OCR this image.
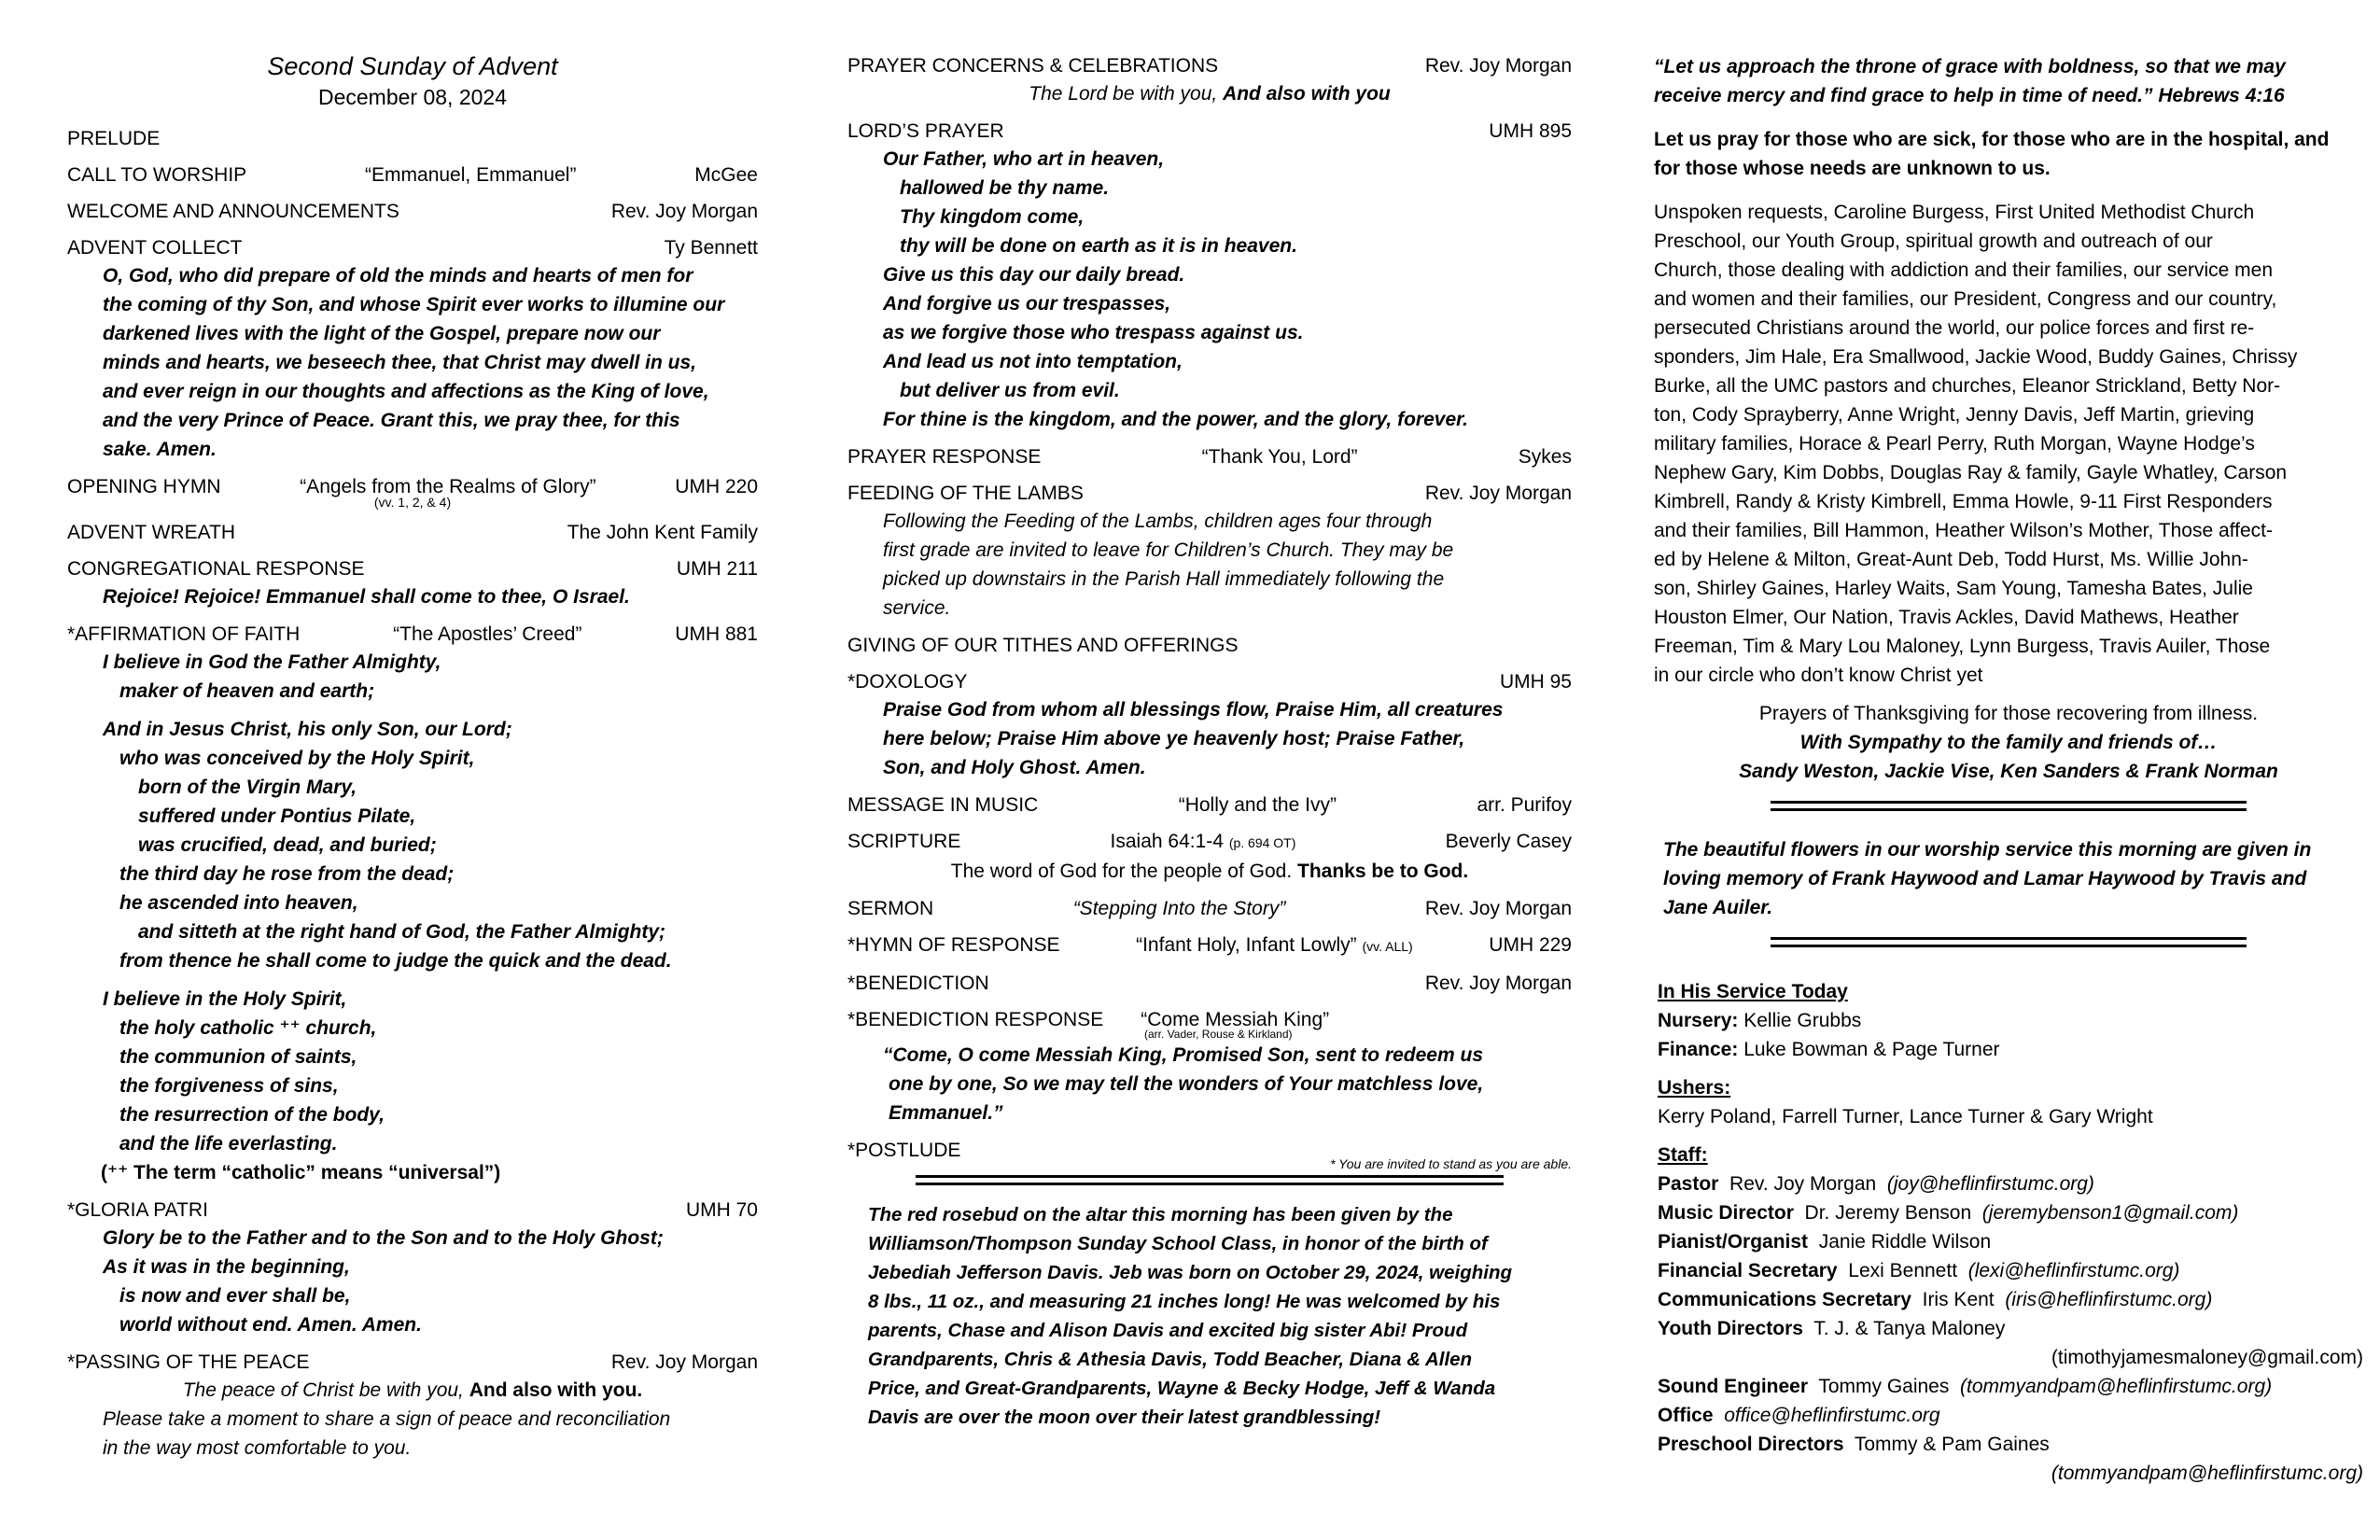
Second Sunday of Advent
December 08, 2024
PRELUDE
CALL TO WORSHIP	“Emmanuel, Emmanuel”	McGee
WELCOME AND ANNOUNCEMENTS	Rev. Joy Morgan
ADVENT COLLECT	Ty Bennett
O, God, who did prepare of old the minds and hearts of men for
the coming of thy Son, and whose Spirit ever works to illumine our
darkened lives with the light of the Gospel, prepare now our
minds and hearts, we beseech thee, that Christ may dwell in us,
and ever reign in our thoughts and affections as the King of love,
and the very Prince of Peace. Grant this, we pray thee, for this
sake. Amen.
OPENING HYMN	“Angels from the Realms of Glory”	UMH 220
(vv. 1, 2, & 4)
ADVENT WREATH	The John Kent Family
CONGREGATIONAL RESPONSE	UMH 211
Rejoice! Rejoice! Emmanuel shall come to thee, O Israel.
*AFFIRMATION OF FAITH	“The Apostles’ Creed”	UMH 881
I believe in God the Father Almighty,
maker of heaven and earth;
And in Jesus Christ, his only Son, our Lord;
who was conceived by the Holy Spirit,
born of the Virgin Mary,
suffered under Pontius Pilate,
was crucified, dead, and buried;
the third day he rose from the dead;
he ascended into heaven,
and sitteth at the right hand of God, the Father Almighty;
from thence he shall come to judge the quick and the dead.
I believe in the Holy Spirit,
the holy catholic ⁺⁺ church,
the communion of saints,
the forgiveness of sins,
the resurrection of the body,
and the life everlasting.
(⁺⁺ The term “catholic” means “universal”)
*GLORIA PATRI	UMH 70
Glory be to the Father and to the Son and to the Holy Ghost;
As it was in the beginning,
is now and ever shall be,
world without end. Amen. Amen.
*PASSING OF THE PEACE	Rev. Joy Morgan
The peace of Christ be with you, And also with you.
Please take a moment to share a sign of peace and reconciliation
in the way most comfortable to you.
PRAYER CONCERNS & CELEBRATIONS	Rev. Joy Morgan
The Lord be with you, And also with you
LORD’S PRAYER	UMH 895
Our Father, who art in heaven,
hallowed be thy name.
Thy kingdom come,
thy will be done on earth as it is in heaven.
Give us this day our daily bread.
And forgive us our trespasses,
as we forgive those who trespass against us.
And lead us not into temptation,
but deliver us from evil.
For thine is the kingdom, and the power, and the glory, forever.
PRAYER RESPONSE	“Thank You, Lord”	Sykes
FEEDING OF THE LAMBS	Rev. Joy Morgan
Following the Feeding of the Lambs, children ages four through
first grade are invited to leave for Children’s Church. They may be
picked up downstairs in the Parish Hall immediately following the
service.
GIVING OF OUR TITHES AND OFFERINGS
*DOXOLOGY	UMH 95
Praise God from whom all blessings flow, Praise Him, all creatures
here below; Praise Him above ye heavenly host; Praise Father,
Son, and Holy Ghost. Amen.
MESSAGE IN MUSIC	“Holly and the Ivy”	arr. Purifoy
SCRIPTURE	Isaiah 64:1-4 (p. 694 OT)	Beverly Casey
The word of God for the people of God. Thanks be to God.
SERMON	“Stepping Into the Story”	Rev. Joy Morgan
*HYMN OF RESPONSE	“Infant Holy, Infant Lowly” (vv. ALL)	UMH 229
*BENEDICTION	Rev. Joy Morgan
*BENEDICTION RESPONSE “Come Messiah King”
(arr. Vader, Rouse & Kirkland)
“Come, O come Messiah King, Promised Son, sent to redeem us
one by one, So we may tell the wonders of Your matchless love,
Emmanuel.”
*POSTLUDE
* You are invited to stand as you are able.
The red rosebud on the altar this morning has been given by the
Williamson/Thompson Sunday School Class, in honor of the birth of
Jebediah Jefferson Davis. Jeb was born on October 29, 2024, weighing
8 lbs., 11 oz., and measuring 21 inches long! He was welcomed by his
parents, Chase and Alison Davis and excited big sister Abi! Proud
Grandparents, Chris & Athesia Davis, Todd Beacher, Diana & Allen
Price, and Great-Grandparents, Wayne & Becky Hodge, Jeff & Wanda
Davis are over the moon over their latest grandblessing!
“Let us approach the throne of grace with boldness, so that we may
receive mercy and find grace to help in time of need.” Hebrews 4:16
Let us pray for those who are sick, for those who are in the hospital, and
for those whose needs are unknown to us.
Unspoken requests, Caroline Burgess, First United Methodist Church
Preschool, our Youth Group, spiritual growth and outreach of our
Church, those dealing with addiction and their families, our service men
and women and their families, our President, Congress and our country,
persecuted Christians around the world, our police forces and first re-
sponders, Jim Hale, Era Smallwood, Jackie Wood, Buddy Gaines, Chrissy
Burke, all the UMC pastors and churches, Eleanor Strickland, Betty Nor-
ton, Cody Sprayberry, Anne Wright, Jenny Davis, Jeff Martin, grieving
military families, Horace & Pearl Perry, Ruth Morgan, Wayne Hodge’s
Nephew Gary, Kim Dobbs, Douglas Ray & family, Gayle Whatley, Carson
Kimbrell, Randy & Kristy Kimbrell, Emma Howle, 9-11 First Responders
and their families, Bill Hammon, Heather Wilson’s Mother, Those affect-
ed by Helene & Milton, Great-Aunt Deb, Todd Hurst, Ms. Willie John-
son, Shirley Gaines, Harley Waits, Sam Young, Tamesha Bates, Julie
Houston Elmer, Our Nation, Travis Ackles, David Mathews, Heather
Freeman, Tim & Mary Lou Maloney, Lynn Burgess, Travis Auiler, Those
in our circle who don’t know Christ yet
Prayers of Thanksgiving for those recovering from illness.
With Sympathy to the family and friends of…
Sandy Weston, Jackie Vise, Ken Sanders & Frank Norman
The beautiful flowers in our worship service this morning are given in
loving memory of Frank Haywood and Lamar Haywood by Travis and
Jane Auiler.
In His Service Today
Nursery: Kellie Grubbs
Finance: Luke Bowman & Page Turner
Ushers:
Kerry Poland, Farrell Turner, Lance Turner & Gary Wright
Staff:
Pastor Rev. Joy Morgan (joy@heflinfirstumc.org)
Music Director Dr. Jeremy Benson (jeremybenson1@gmail.com)
Pianist/Organist Janie Riddle Wilson
Financial Secretary Lexi Bennett (lexi@heflinfirstumc.org)
Communications Secretary Iris Kent (iris@heflinfirstumc.org)
Youth Directors T. J. & Tanya Maloney
(timothyjamesmaloney@gmail.com)
Sound Engineer Tommy Gaines (tommyandpam@heflinfirstumc.org)
Office office@heflinfirstumc.org
Preschool Directors Tommy & Pam Gaines
(tommyandpam@heflinfirstumc.org)
